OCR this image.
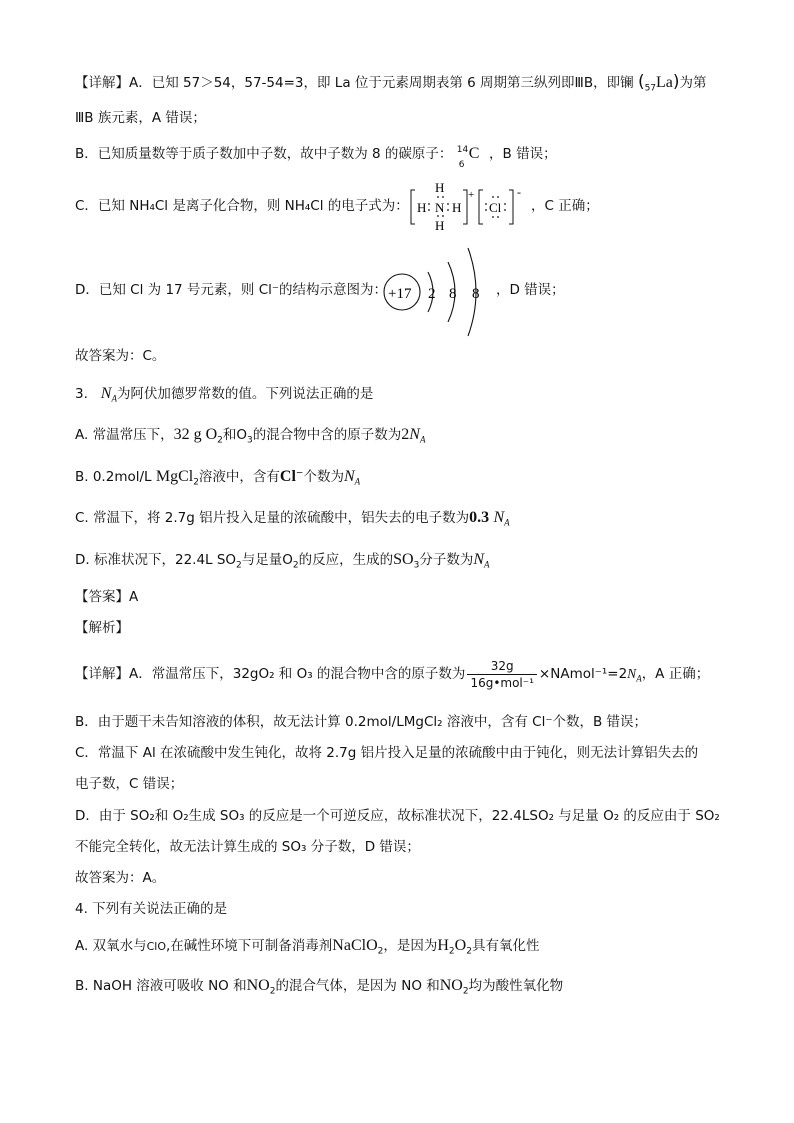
【详解】A．已知 57＞54，57-54=3，即 La 位于元素周期表第 6 周期第三纵列即ⅢB，即镧 $(_{57}La)$为第
ⅢB 族元素，A 错误；
B．已知质量数等于质子数加中子数，故中子数为 8 的碳原子： 14
6
C ，B 错误；
C．已知 NH₄Cl 是离子化合物，则 NH₄Cl 的电子式为： H
H
N
H
H
+
Cl
-
，C 正确；
D．已知 Cl 为 17 号元素，则 Cl⁻的结构示意图为： +17 2 8 8 ，D 错误；
故答案为：C。
3. $N_A$为阿伏加德罗常数的值。下列说法正确的是
A. 常温常压下，32 g $O_2$和$O_3$的混合物中含的原子数为$2N_A$
B. 0.2mol/L MgCl$_2$溶液中，含有Cl−个数为$N_A$
C. 常温下，将 2.7g 铝片投入足量的浓硫酸中，铝失去的电子数为0.3 $N_A$
D. 标准状况下，22.4L $SO_2$与足量$O_2$的反应，生成的$SO_3$分子数为$N_A$
【答案】A
【解析】
【详解】A．常温常压下，32gO₂ 和 O₃ 的混合物中含的原子数为 $\frac{32g}{\text{16g•mol⁻¹}}$ $\times NAmol^{-1}=2N_A$，A 正确；
B．由于题干未告知溶液的体积，故无法计算 0.2mol/LMgCl₂ 溶液中，含有 Cl⁻个数，B 错误；
C．常温下 Al 在浓硫酸中发生钝化，故将 2.7g 铝片投入足量的浓硫酸中由于钝化，则无法计算铝失去的
电子数，C 错误；
D．由于 SO₂和 O₂生成 SO₃ 的反应是一个可逆反应，故标准状况下，22.4LSO₂ 与足量 O₂ 的反应由于 SO₂
不能完全转化，故无法计算生成的 SO₃ 分子数，D 错误；
故答案为：A。
4. 下列有关说法正确的是
A. 双氧水与ClO,在碱性环境下可制备消毒剂NaClO$_2$，是因为$H_2O_2$具有氧化性
B. NaOH 溶液可吸收 NO 和$NO_2$的混合气体，是因为 NO 和$NO_2$均为酸性氧化物
